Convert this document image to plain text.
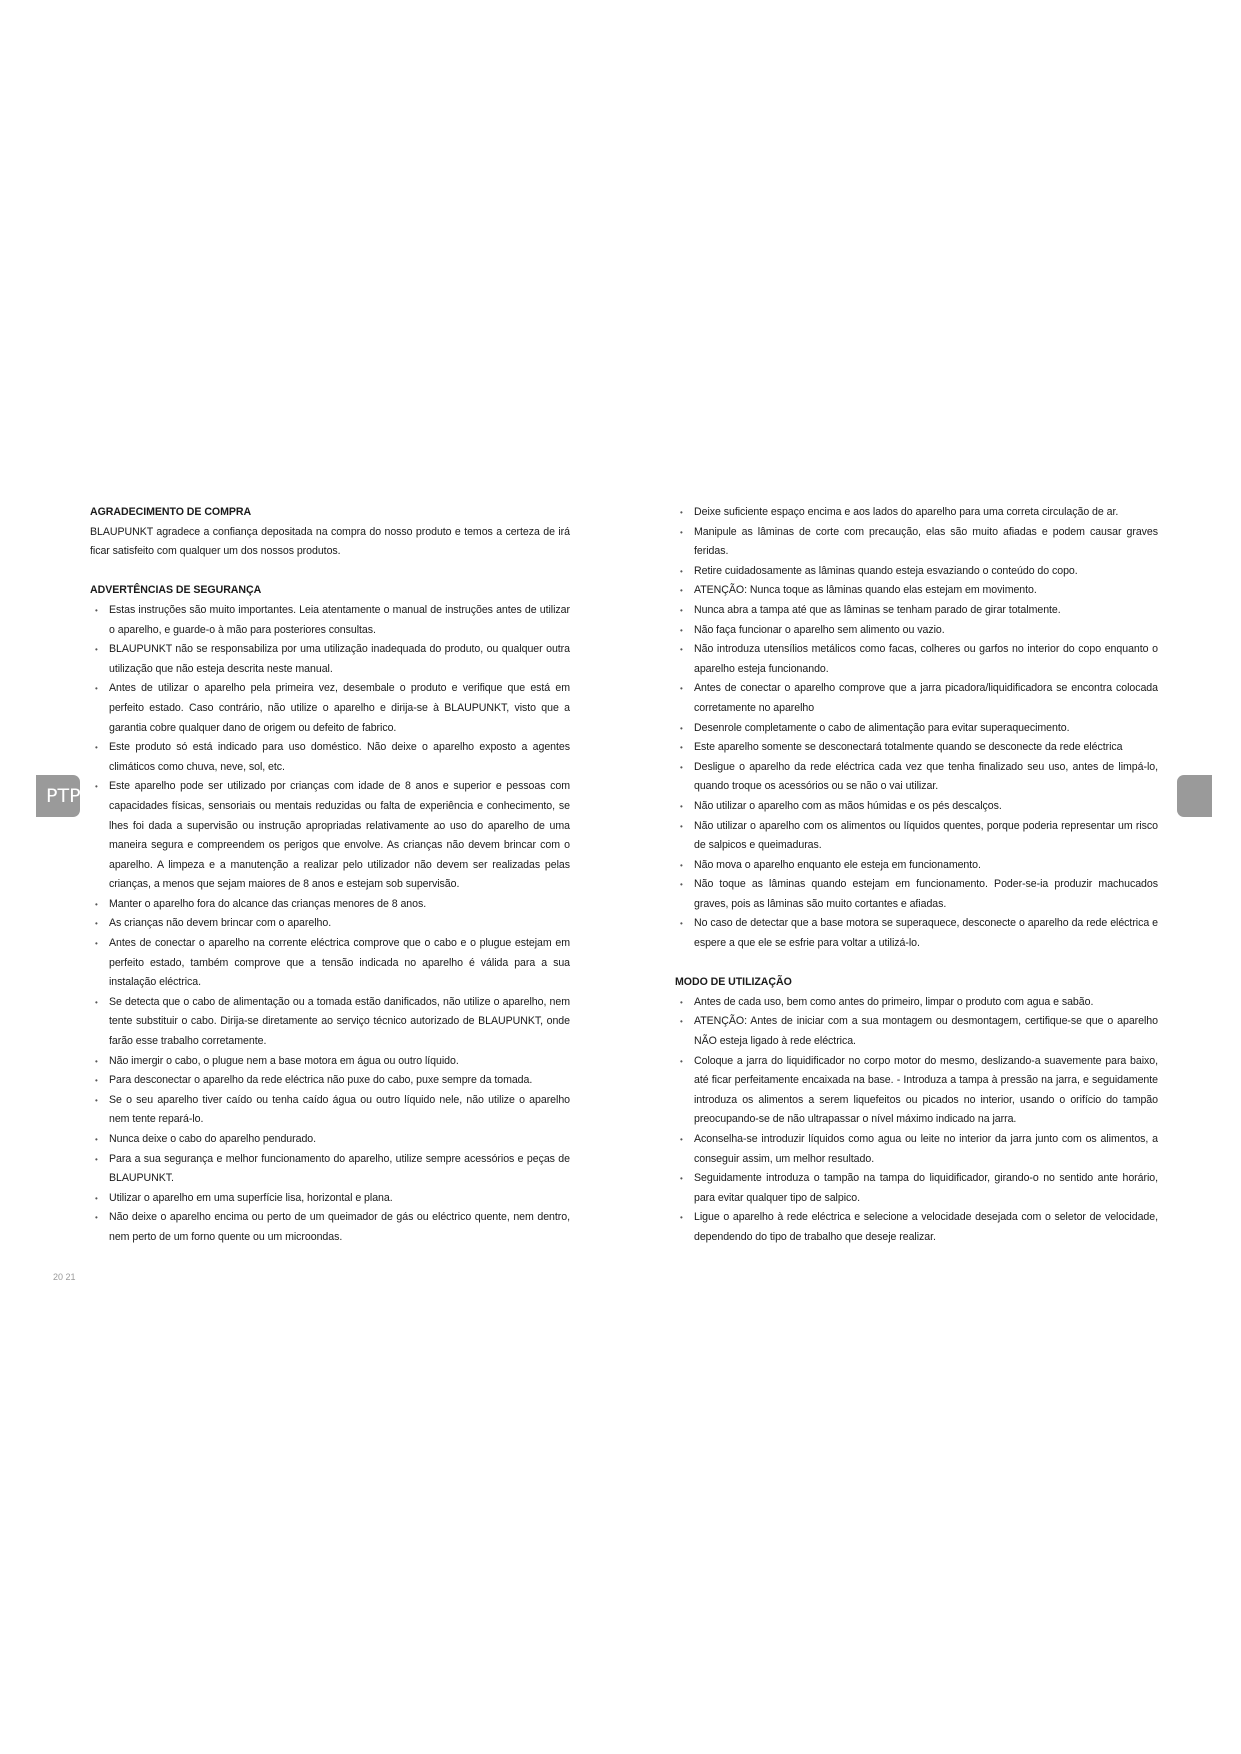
PTP

AGRADECIMENTO DE COMPRA

BLAUPUNKT agradece a confiança depositada na compra do nosso produto e temos a certeza de irá ficar satisfeito com qualquer um dos nossos produtos.

ADVERTÊNCIAS DE SEGURANÇA

• Estas instruções são muito importantes. Leia atentamente o manual de instruções antes de utilizar o aparelho, e guarde-o à mão para posteriores consultas.
• BLAUPUNKT não se responsabiliza por uma utilização inadequada do produto, ou qualquer outra utilização que não esteja descrita neste manual.
• Antes de utilizar o aparelho pela primeira vez, desembale o produto e verifique que está em perfeito estado. Caso contrário, não utilize o aparelho e dirija-se à BLAUPUNKT, visto que a garantia cobre qualquer dano de origem ou defeito de fabrico.
• Este produto só está indicado para uso doméstico. Não deixe o aparelho exposto a agentes climáticos como chuva, neve, sol, etc.
• Este aparelho pode ser utilizado por crianças com idade de 8 anos e superior e pessoas com capacidades físicas, sensoriais ou mentais reduzidas ou falta de experiência e conhecimento, se lhes foi dada a supervisão ou instrução apropriadas relativamente ao uso do aparelho de uma maneira segura e compreendem os perigos que envolve. As crianças não devem brincar com o aparelho. A limpeza e a manutenção a realizar pelo utilizador não devem ser realizadas pelas crianças, a menos que sejam maiores de 8 anos e estejam sob supervisão.
• Manter o aparelho fora do alcance das crianças menores de 8 anos.
• As crianças não devem brincar com o aparelho.
• Antes de conectar o aparelho na corrente eléctrica comprove que o cabo e o plugue estejam em perfeito estado, também comprove que a tensão indicada no aparelho é válida para a sua instalação eléctrica.
• Se detecta que o cabo de alimentação ou a tomada estão danificados, não utilize o aparelho, nem tente substituir o cabo. Dirija-se diretamente ao serviço técnico autorizado de BLAUPUNKT, onde farão esse trabalho corretamente.
• Não imergir o cabo, o plugue nem a base motora em água ou outro líquido.
• Para desconectar o aparelho da rede eléctrica não puxe do cabo, puxe sempre da tomada.
• Se o seu aparelho tiver caído ou tenha caído água ou outro líquido nele, não utilize o aparelho nem tente repará-lo.
• Nunca deixe o cabo do aparelho pendurado.
• Para a sua segurança e melhor funcionamento do aparelho, utilize sempre acessórios e peças de BLAUPUNKT.
• Utilizar o aparelho em uma superfície lisa, horizontal e plana.
• Não deixe o aparelho encima ou perto de um queimador de gás ou eléctrico quente, nem dentro, nem perto de um forno quente ou um microondas.
• Deixe suficiente espaço encima e aos lados do aparelho para uma correta circulação de ar.
• Manipule as lâminas de corte com precaução, elas são muito afiadas e podem causar graves feridas.
• Retire cuidadosamente as lâminas quando esteja esvaziando o conteúdo do copo.
• ATENÇÃO: Nunca toque as lâminas quando elas estejam em movimento.
• Nunca abra a tampa até que as lâminas se tenham parado de girar totalmente.
• Não faça funcionar o aparelho sem alimento ou vazio.
• Não introduza utensílios metálicos como facas, colheres ou garfos no interior do copo enquanto o aparelho esteja funcionando.
• Antes de conectar o aparelho comprove que a jarra picadora/liquidificadora se encontra colocada corretamente no aparelho
• Desenrole completamente o cabo de alimentação para evitar superaquecimento.
• Este aparelho somente se desconectará totalmente quando se desconecte da rede eléctrica
• Desligue o aparelho da rede eléctrica cada vez que tenha finalizado seu uso, antes de limpá-lo, quando troque os acessórios ou se não o vai utilizar.
• Não utilizar o aparelho com as mãos húmidas e os pés descalços.
• Não utilizar o aparelho com os alimentos ou líquidos quentes, porque poderia representar um risco de salpicos e queimaduras.
• Não mova o aparelho enquanto ele esteja em funcionamento.
• Não toque as lâminas quando estejam em funcionamento. Poder-se-ia produzir machucados graves, pois as lâminas são muito cortantes e afiadas.
• No caso de detectar que a base motora se superaquece, desconecte o aparelho da rede eléctrica e espere a que ele se esfrie para voltar a utilizá-lo.

MODO DE UTILIZAÇÃO

• Antes de cada uso, bem como antes do primeiro, limpar o produto com agua e sabão.
• ATENÇÃO: Antes de iniciar com a sua montagem ou desmontagem, certifique-se que o aparelho NÃO esteja ligado à rede eléctrica.
• Coloque a jarra do liquidificador no corpo motor do mesmo, deslizando-a suavemente para baixo, até ficar perfeitamente encaixada na base. - Introduza a tampa à pressão na jarra, e seguidamente introduza os alimentos a serem liquefeitos ou picados no interior, usando o orifício do tampão preocupando-se de não ultrapassar o nível máximo indicado na jarra.
• Aconselha-se introduzir líquidos como agua ou leite no interior da jarra junto com os alimentos, a conseguir assim, um melhor resultado.
• Seguidamente introduza o tampão na tampa do liquidificador, girando-o no sentido ante horário, para evitar qualquer tipo de salpico.
• Ligue o aparelho à rede eléctrica e selecione a velocidade desejada com o seletor de velocidade, dependendo do tipo de trabalho que deseje realizar.
20 21
